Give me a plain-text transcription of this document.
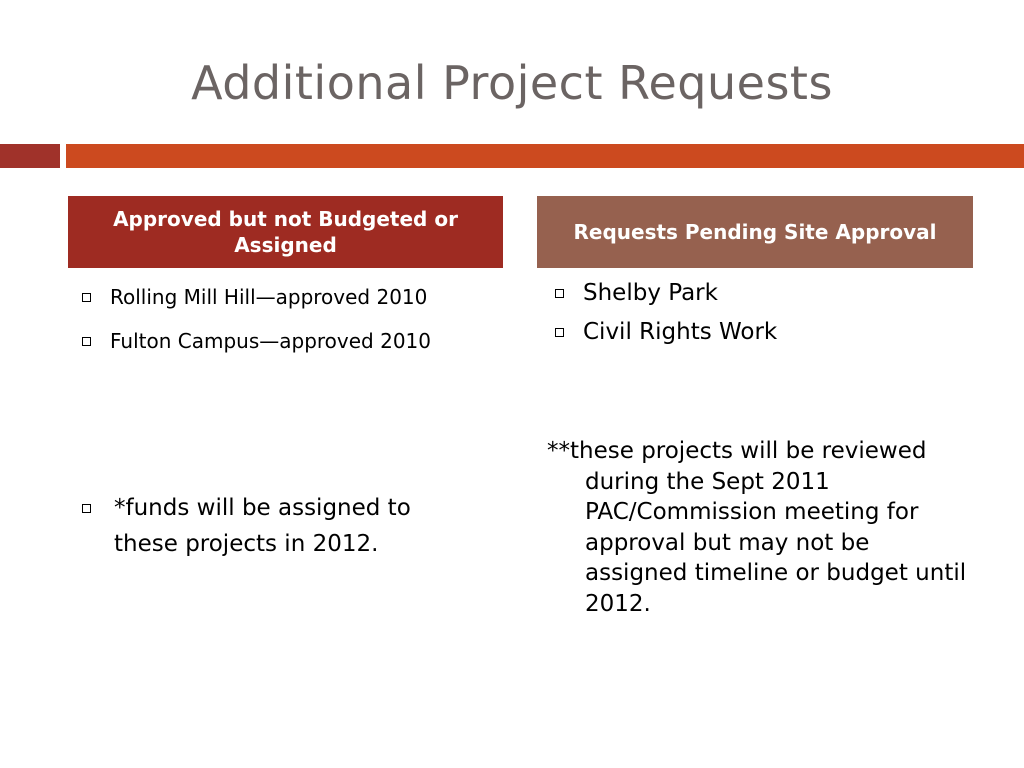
Additional Project Requests
Approved but not Budgeted or Assigned
Requests Pending Site Approval
Rolling Mill Hill—approved 2010
Fulton Campus—approved 2010
*funds will be assigned to these projects in 2012.
Shelby Park
Civil Rights Work
**these projects will be reviewed during the Sept 2011 PAC/Commission meeting for approval but may not be assigned timeline or budget until 2012.
